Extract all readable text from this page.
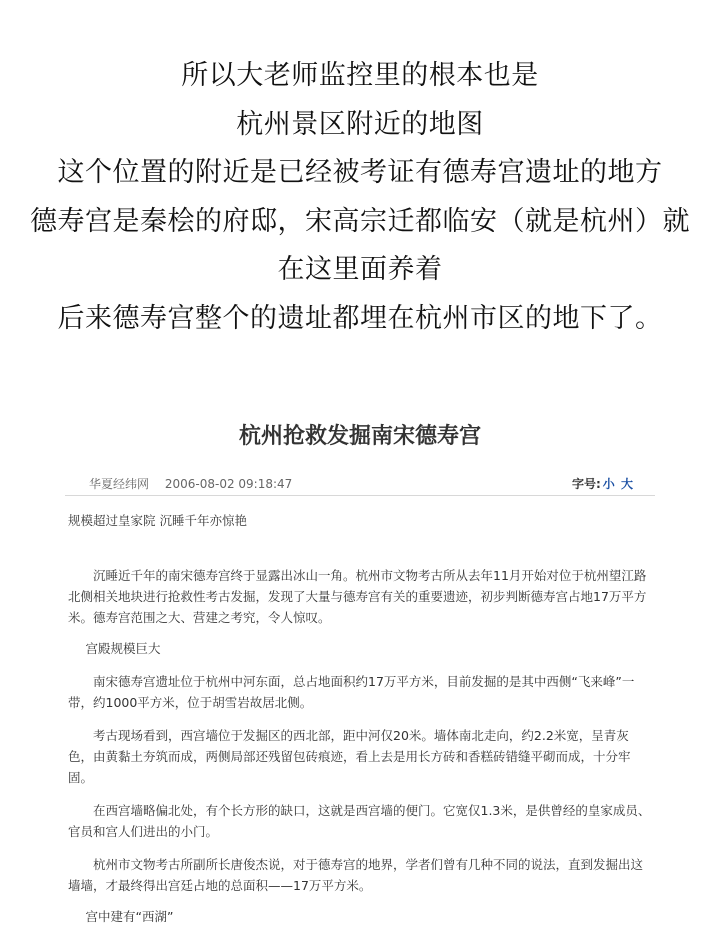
所以大老师监控里的根本也是
杭州景区附近的地图
这个位置的附近是已经被考证有德寿宫遗址的地方
德寿宫是秦桧的府邸，宋高宗迁都临安（就是杭州）就
在这里面养着
后来德寿宫整个的遗址都埋在杭州市区的地下了。
杭州抢救发掘南宋德寿宫
华夏经纬网 2006-08-02 09:18:47	字号: 小 大

规模超过皇家院 沉睡千年亦惊艳

沉睡近千年的南宋德寿宫终于显露出冰山一角。杭州市文物考古所从去年11月开始对位于杭州望江路北侧相关地块进行抢救性考古发掘，发现了大量与德寿宫有关的重要遗迹，初步判断德寿宫占地17万平方米。德寿宫范围之大、营建之考究，令人惊叹。

宫殿规模巨大

南宋德寿宫遗址位于杭州中河东面，总占地面积约17万平方米，目前发掘的是其中西侧“飞来峰”一带，约1000平方米，位于胡雪岩故居北侧。

考古现场看到，西宫墙位于发掘区的西北部，距中河仅20米。墙体南北走向，约2.2米宽，呈青灰色，由黄黏土夯筑而成，两侧局部还残留包砖痕迹，看上去是用长方砖和香糕砖错缝平砌而成，十分牢固。

在西宫墙略偏北处，有个长方形的缺口，这就是西宫墙的便门。它宽仅1.3米，是供曾经的皇家成员、官员和宫人们进出的小门。

杭州市文物考古所副所长唐俊杰说，对于德寿宫的地界，学者们曾有几种不同的说法，直到发掘出这墙墙，才最终得出宫廷占地的总面积——17万平方米。

宫中建有“西湖”
